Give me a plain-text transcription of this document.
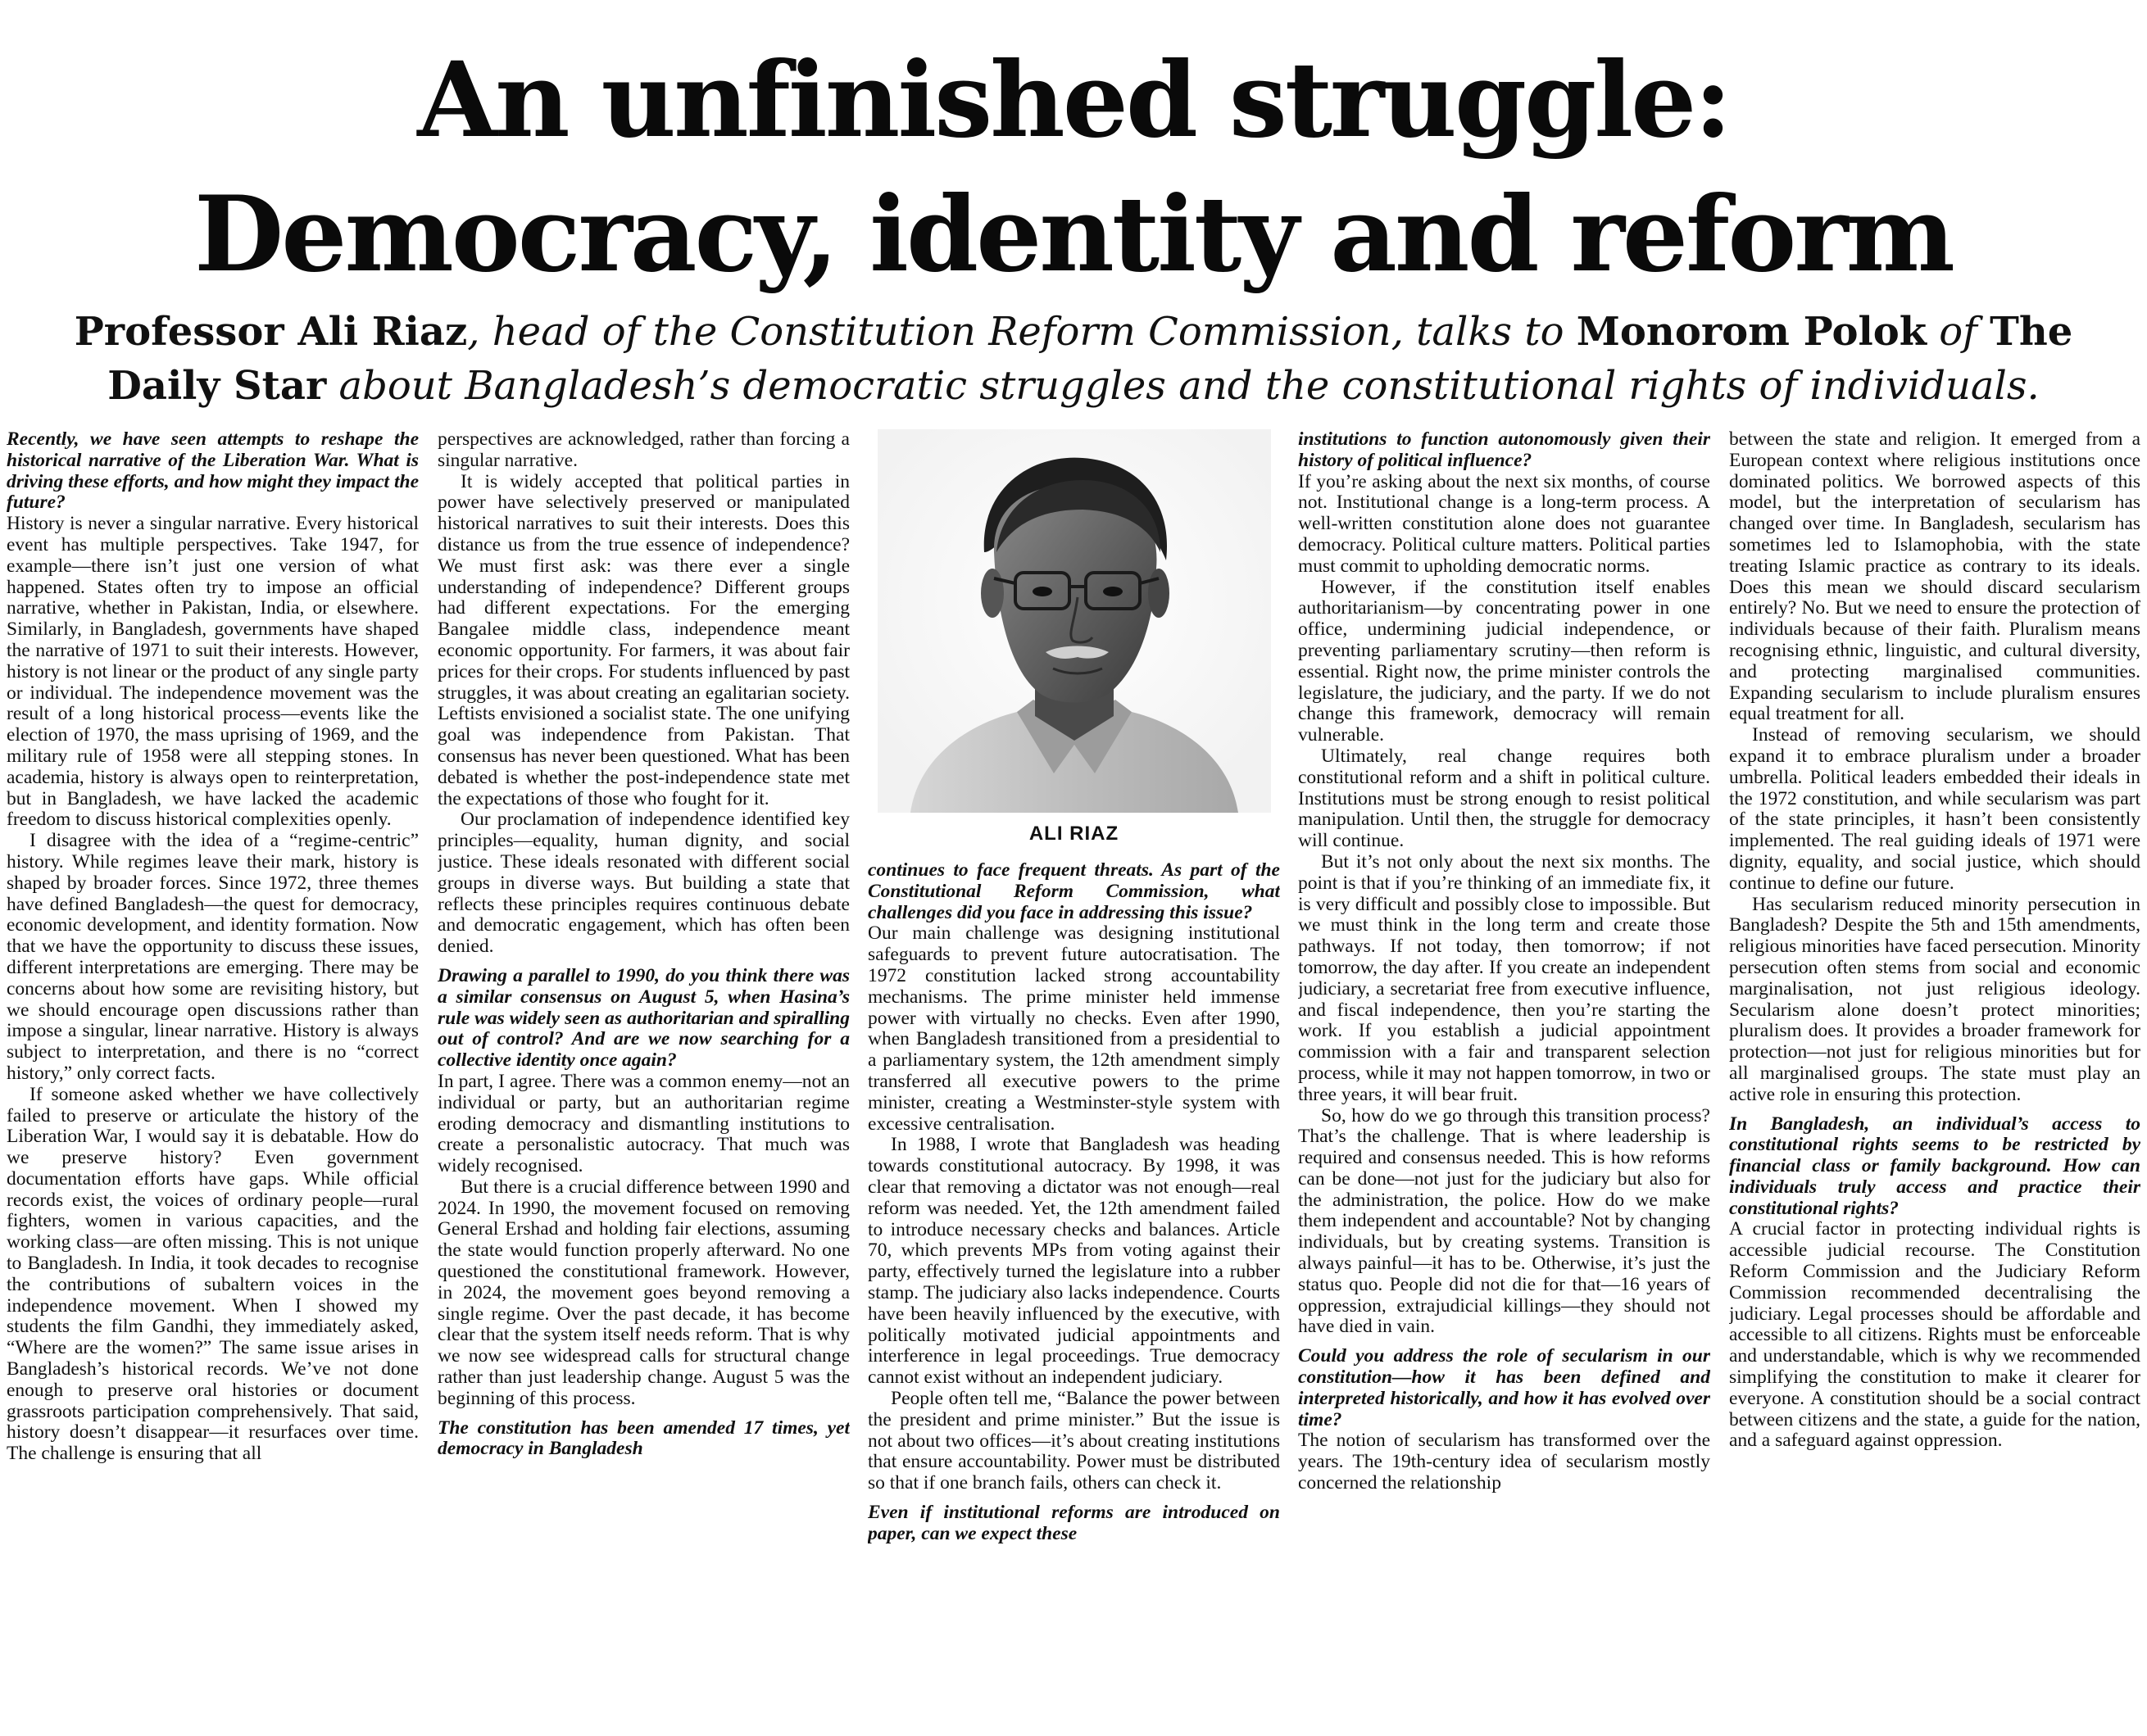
An unfinished struggle:
Democracy, identity and reform
Professor Ali Riaz, head of the Constitution Reform Commission, talks to Monorom Polok of The Daily Star about Bangladesh’s democratic struggles and the constitutional rights of individuals.

Recently, we have seen attempts to reshape the historical narrative of the Liberation War. What is driving these efforts, and how might they impact the future?

History is never a singular narrative. Every historical event has multiple perspectives. Take 1947, for example—there isn’t just one version of what happened. States often try to impose an official narrative, whether in Pakistan, India, or elsewhere. Similarly, in Bangladesh, governments have shaped the narrative of 1971 to suit their interests. However, history is not linear or the product of any single party or individual. The independence movement was the result of a long historical process—events like the election of 1970, the mass uprising of 1969, and the military rule of 1958 were all stepping stones. In academia, history is always open to reinterpretation, but in Bangladesh, we have lacked the academic freedom to discuss historical complexities openly.

I disagree with the idea of a “regime-centric” history. While regimes leave their mark, history is shaped by broader forces. Since 1972, three themes have defined Bangladesh—the quest for democracy, economic development, and identity formation. Now that we have the opportunity to discuss these issues, different interpretations are emerging. There may be concerns about how some are revisiting history, but we should encourage open discussions rather than impose a singular, linear narrative. History is always subject to interpretation, and there is no “correct history,” only correct facts.

If someone asked whether we have collectively failed to preserve or articulate the history of the Liberation War, I would say it is debatable. How do we preserve history? Even government documentation efforts have gaps. While official records exist, the voices of ordinary people—rural fighters, women in various capacities, and the working class—are often missing. This is not unique to Bangladesh. In India, it took decades to recognise the contributions of subaltern voices in the independence movement. When I showed my students the film Gandhi, they immediately asked, “Where are the women?” The same issue arises in Bangladesh’s historical records. We’ve not done enough to preserve oral histories or document grassroots participation comprehensively. That said, history doesn’t disappear—it resurfaces over time. The challenge is ensuring that all

perspectives are acknowledged, rather than forcing a singular narrative.

It is widely accepted that political parties in power have selectively preserved or manipulated historical narratives to suit their interests. Does this distance us from the true essence of independence? We must first ask: was there ever a single understanding of independence? Different groups had different expectations. For the emerging Bangalee middle class, independence meant economic opportunity. For farmers, it was about fair prices for their crops. For students influenced by past struggles, it was about creating an egalitarian society. Leftists envisioned a socialist state. The one unifying goal was independence from Pakistan. That consensus has never been questioned. What has been debated is whether the post-independence state met the expectations of those who fought for it.

Our proclamation of independence identified key principles—equality, human dignity, and social justice. These ideals resonated with different social groups in diverse ways. But building a state that reflects these principles requires continuous debate and democratic engagement, which has often been denied.

Drawing a parallel to 1990, do you think there was a similar consensus on August 5, when Hasina’s rule was widely seen as authoritarian and spiralling out of control? And are we now searching for a collective identity once again?

In part, I agree. There was a common enemy—not an individual or party, but an authoritarian regime eroding democracy and dismantling institutions to create a personalistic autocracy. That much was widely recognised.

But there is a crucial difference between 1990 and 2024. In 1990, the movement focused on removing General Ershad and holding fair elections, assuming the state would function properly afterward. No one questioned the constitutional framework. However, in 2024, the movement goes beyond removing a single regime. Over the past decade, it has become clear that the system itself needs reform. That is why we now see widespread calls for structural change rather than just leadership change. August 5 was the beginning of this process.

The constitution has been amended 17 times, yet democracy in Bangladesh

ALI RIAZ

continues to face frequent threats. As part of the Constitutional Reform Commission, what challenges did you face in addressing this issue?

Our main challenge was designing institutional safeguards to prevent future autocratisation. The 1972 constitution lacked strong accountability mechanisms. The prime minister held immense power with virtually no checks. Even after 1990, when Bangladesh transitioned from a presidential to a parliamentary system, the 12th amendment simply transferred all executive powers to the prime minister, creating a Westminster-style system with excessive centralisation.

In 1988, I wrote that Bangladesh was heading towards constitutional autocracy. By 1998, it was clear that removing a dictator was not enough—real reform was needed. Yet, the 12th amendment failed to introduce necessary checks and balances. Article 70, which prevents MPs from voting against their party, effectively turned the legislature into a rubber stamp. The judiciary also lacks independence. Courts have been heavily influenced by the executive, with politically motivated judicial appointments and interference in legal proceedings. True democracy cannot exist without an independent judiciary.

People often tell me, “Balance the power between the president and prime minister.” But the issue is not about two offices—it’s about creating institutions that ensure accountability. Power must be distributed so that if one branch fails, others can check it.

Even if institutional reforms are introduced on paper, can we expect these

institutions to function autonomously given their history of political influence?

If you’re asking about the next six months, of course not. Institutional change is a long-term process. A well-written constitution alone does not guarantee democracy. Political culture matters. Political parties must commit to upholding democratic norms.

However, if the constitution itself enables authoritarianism—by concentrating power in one office, undermining judicial independence, or preventing parliamentary scrutiny—then reform is essential. Right now, the prime minister controls the legislature, the judiciary, and the party. If we do not change this framework, democracy will remain vulnerable.

Ultimately, real change requires both constitutional reform and a shift in political culture. Institutions must be strong enough to resist political manipulation. Until then, the struggle for democracy will continue.

But it’s not only about the next six months. The point is that if you’re thinking of an immediate fix, it is very difficult and possibly close to impossible. But we must think in the long term and create those pathways. If not today, then tomorrow; if not tomorrow, the day after. If you create an independent judiciary, a secretariat free from executive influence, and fiscal independence, then you’re starting the work. If you establish a judicial appointment commission with a fair and transparent selection process, while it may not happen tomorrow, in two or three years, it will bear fruit.

So, how do we go through this transition process? That’s the challenge. That is where leadership is required and consensus needed. This is how reforms can be done—not just for the judiciary but also for the administration, the police. How do we make them independent and accountable? Not by changing individuals, but by creating systems. Transition is always painful—it has to be. Otherwise, it’s just the status quo. People did not die for that—16 years of oppression, extrajudicial killings—they should not have died in vain.

Could you address the role of secularism in our constitution—how it has been defined and interpreted historically, and how it has evolved over time?

The notion of secularism has transformed over the years. The 19th-century idea of secularism mostly concerned the relationship

between the state and religion. It emerged from a European context where religious institutions once dominated politics. We borrowed aspects of this model, but the interpretation of secularism has changed over time. In Bangladesh, secularism has sometimes led to Islamophobia, with the state treating Islamic practice as contrary to its ideals. Does this mean we should discard secularism entirely? No. But we need to ensure the protection of individuals because of their faith. Pluralism means recognising ethnic, linguistic, and cultural diversity, and protecting marginalised communities. Expanding secularism to include pluralism ensures equal treatment for all.

Instead of removing secularism, we should expand it to embrace pluralism under a broader umbrella. Political leaders embedded their ideals in the 1972 constitution, and while secularism was part of the state principles, it hasn’t been consistently implemented. The real guiding ideals of 1971 were dignity, equality, and social justice, which should continue to define our future.

Has secularism reduced minority persecution in Bangladesh? Despite the 5th and 15th amendments, religious minorities have faced persecution. Minority persecution often stems from social and economic marginalisation, not just religious ideology. Secularism alone doesn’t protect minorities; pluralism does. It provides a broader framework for protection—not just for religious minorities but for all marginalised groups. The state must play an active role in ensuring this protection.

In Bangladesh, an individual’s access to constitutional rights seems to be restricted by financial class or family background. How can individuals truly access and practice their constitutional rights?

A crucial factor in protecting individual rights is accessible judicial recourse. The Constitution Reform Commission and the Judiciary Reform Commission recommended decentralising the judiciary. Legal processes should be affordable and accessible to all citizens. Rights must be enforceable and understandable, which is why we recommended simplifying the constitution to make it clearer for everyone. A constitution should be a social contract between citizens and the state, a guide for the nation, and a safeguard against oppression.
